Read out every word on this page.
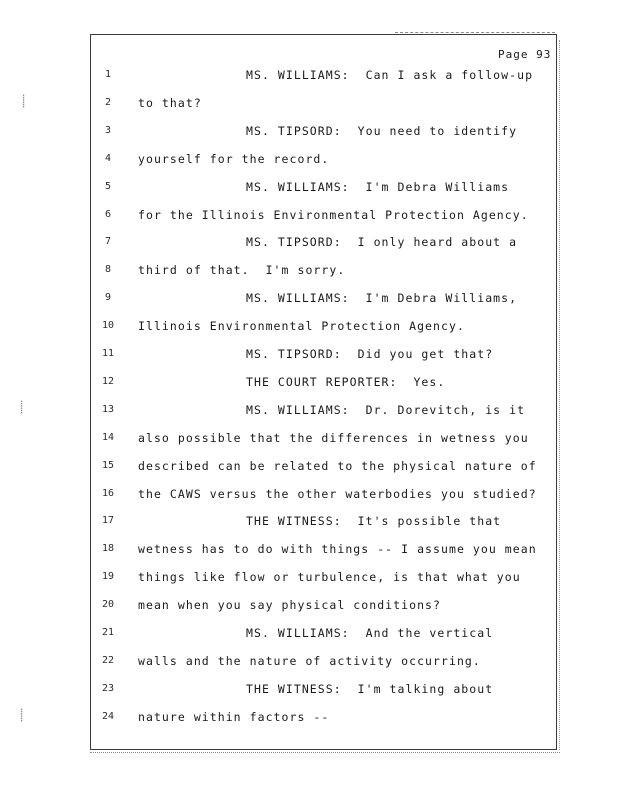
⸽
⸽
⸽
Page 93
1	MS. WILLIAMS:  Can I ask a follow-up
2	to that?
3	MS. TIPSORD:  You need to identify
4	yourself for the record.
5	MS. WILLIAMS:  I'm Debra Williams
6	for the Illinois Environmental Protection Agency.
7	MS. TIPSORD:  I only heard about a
8	third of that.  I'm sorry.
9	MS. WILLIAMS:  I'm Debra Williams,
10	Illinois Environmental Protection Agency.
11	MS. TIPSORD:  Did you get that?
12	THE COURT REPORTER:  Yes.
13	MS. WILLIAMS:  Dr. Dorevitch, is it
14	also possible that the differences in wetness you
15	described can be related to the physical nature of
16	the CAWS versus the other waterbodies you studied?
17	THE WITNESS:  It's possible that
18	wetness has to do with things -- I assume you mean
19	things like flow or turbulence, is that what you
20	mean when you say physical conditions?
21	MS. WILLIAMS:  And the vertical
22	walls and the nature of activity occurring.
23	THE WITNESS:  I'm talking about
24	nature within factors --
